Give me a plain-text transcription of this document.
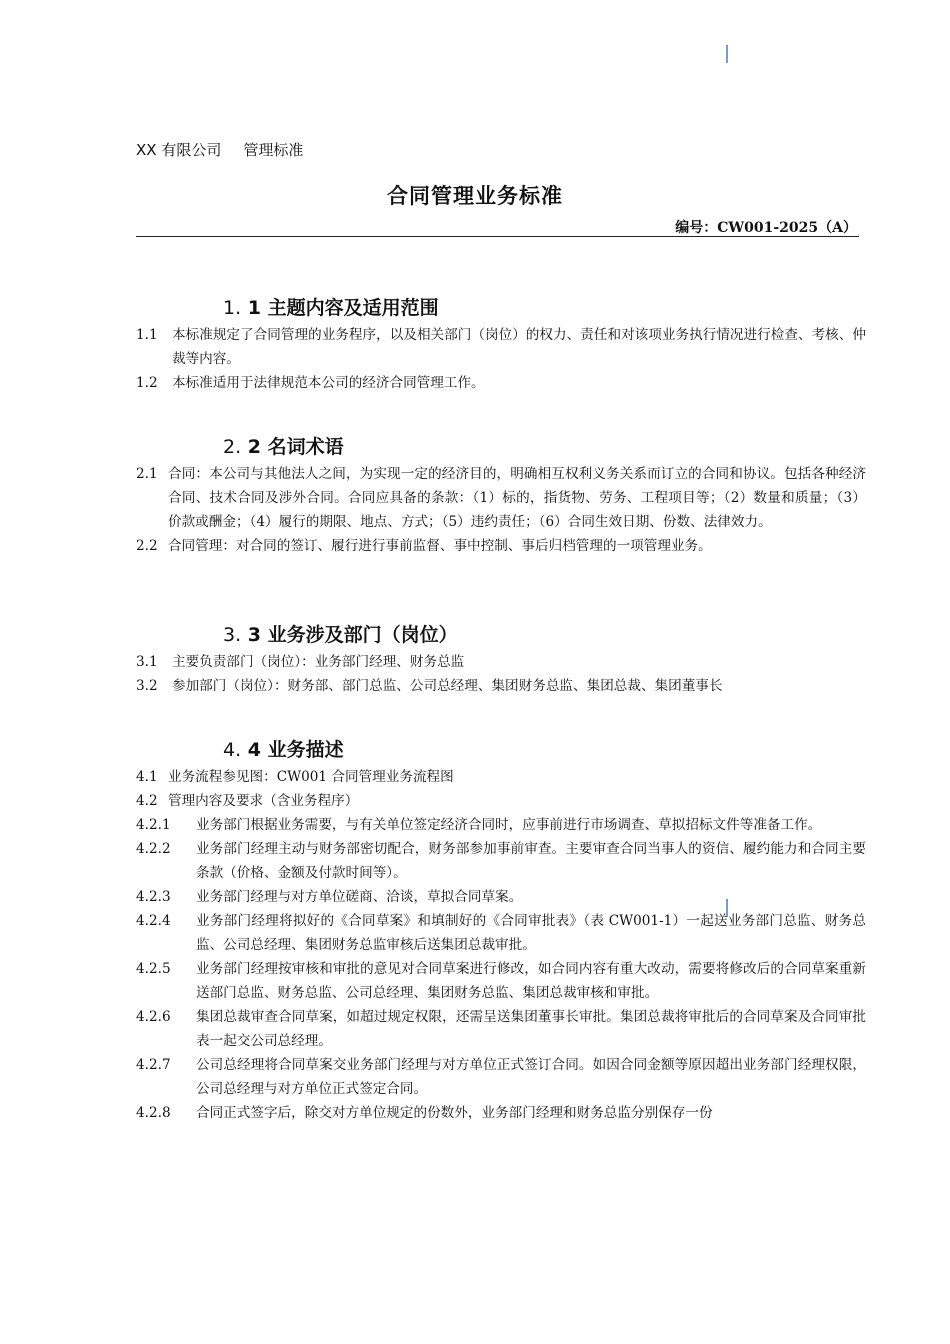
XX 有限公司 管理标准
合同管理业务标准
编号：CW001-2025（A）
1. 1 主题内容及适用范围
1.1	本标准规定了合同管理的业务程序，以及相关部门（岗位）的权力、责任和对该项业务执行情况进行检查、考核、仲裁等内容。
1.2	本标准适用于法律规范本公司的经济合同管理工作。
2. 2 名词术语
2.1 合同：本公司与其他法人之间，为实现一定的经济目的，明确相互权利义务关系而订立的合同和协议。包括各种经济合同、技术合同及涉外合同。合同应具备的条款：（1）标的，指货物、劳务、工程项目等；（2）数量和质量；（3）价款或酬金；（4）履行的期限、地点、方式；（5）违约责任；（6）合同生效日期、份数、法律效力。
2.2 合同管理：对合同的签订、履行进行事前监督、事中控制、事后归档管理的一项管理业务。
3. 3 业务涉及部门（岗位）
3.1	主要负责部门（岗位）：业务部门经理、财务总监
3.2	参加部门（岗位）：财务部、部门总监、公司总经理、集团财务总监、集团总裁、集团董事长
4. 4 业务描述
4.1 业务流程参见图：CW001 合同管理业务流程图
4.2 管理内容及要求（含业务程序）
4.2.1	业务部门根据业务需要，与有关单位签定经济合同时，应事前进行市场调查、草拟招标文件等准备工作。
4.2.2	业务部门经理主动与财务部密切配合，财务部参加事前审查。主要审查合同当事人的资信、履约能力和合同主要条款（价格、金额及付款时间等）。
4.2.3	业务部门经理与对方单位磋商、洽谈，草拟合同草案。
4.2.4	业务部门经理将拟好的《合同草案》和填制好的《合同审批表》（表 CW001-1）一起送业务部门总监、财务总监、公司总经理、集团财务总监审核后送集团总裁审批。
4.2.5	业务部门经理按审核和审批的意见对合同草案进行修改，如合同内容有重大改动，需要将修改后的合同草案重新送部门总监、财务总监、公司总经理、集团财务总监、集团总裁审核和审批。
4.2.6	集团总裁审查合同草案，如超过规定权限，还需呈送集团董事长审批。集团总裁将审批后的合同草案及合同审批表一起交公司总经理。
4.2.7	公司总经理将合同草案交业务部门经理与对方单位正式签订合同。如因合同金额等原因超出业务部门经理权限，公司总经理与对方单位正式签定合同。
4.2.8	合同正式签字后，除交对方单位规定的份数外，业务部门经理和财务总监分别保存一份
